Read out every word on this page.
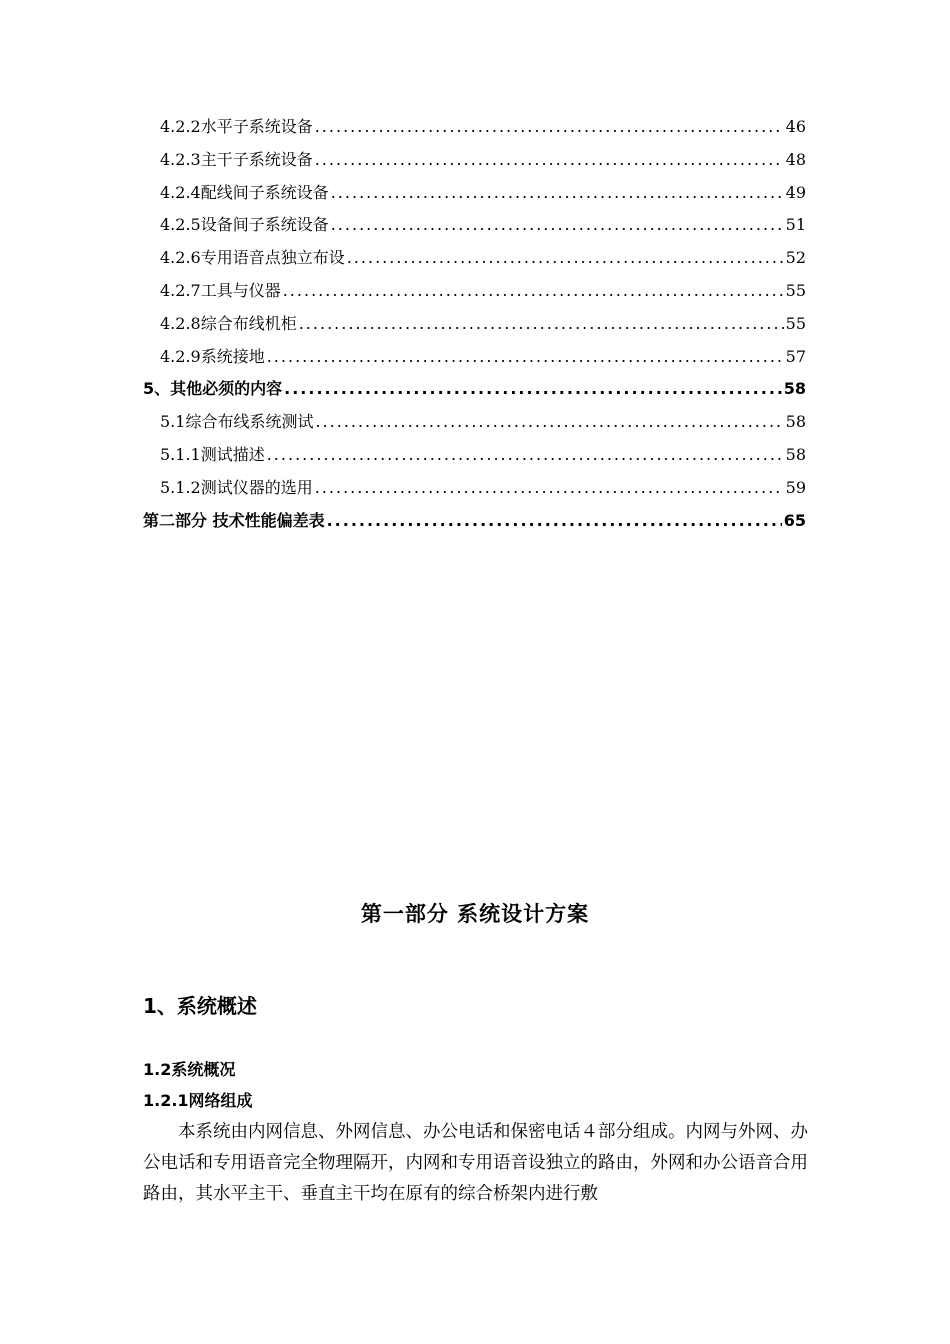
4.2.2水平子系统设备 .....	46
4.2.3主干子系统设备 .....	48
4.2.4配线间子系统设备 .....	49
4.2.5设备间子系统设备 .....	51
4.2.6专用语音点独立布设 .....	52
4.2.7工具与仪器 .....	55
4.2.8综合布线机柜 .....	55
4.2.9系统接地 .....	57
5、其他必须的内容 .....	58
5.1综合布线系统测试 .....	58
5.1.1测试描述 .....	58
5.1.2测试仪器的选用 .....	59
第二部分 技术性能偏差表 .....	65
第一部分 系统设计方案
1、系统概述
1.2系统概况
1.2.1网络组成
本系统由内网信息、外网信息、办公电话和保密电话４部分组成。内网与外网、办公电话和专用语音完全物理隔开，内网和专用语音设独立的路由，外网和办公语音合用路由，其水平主干、垂直主干均在原有的综合桥架内进行敷
